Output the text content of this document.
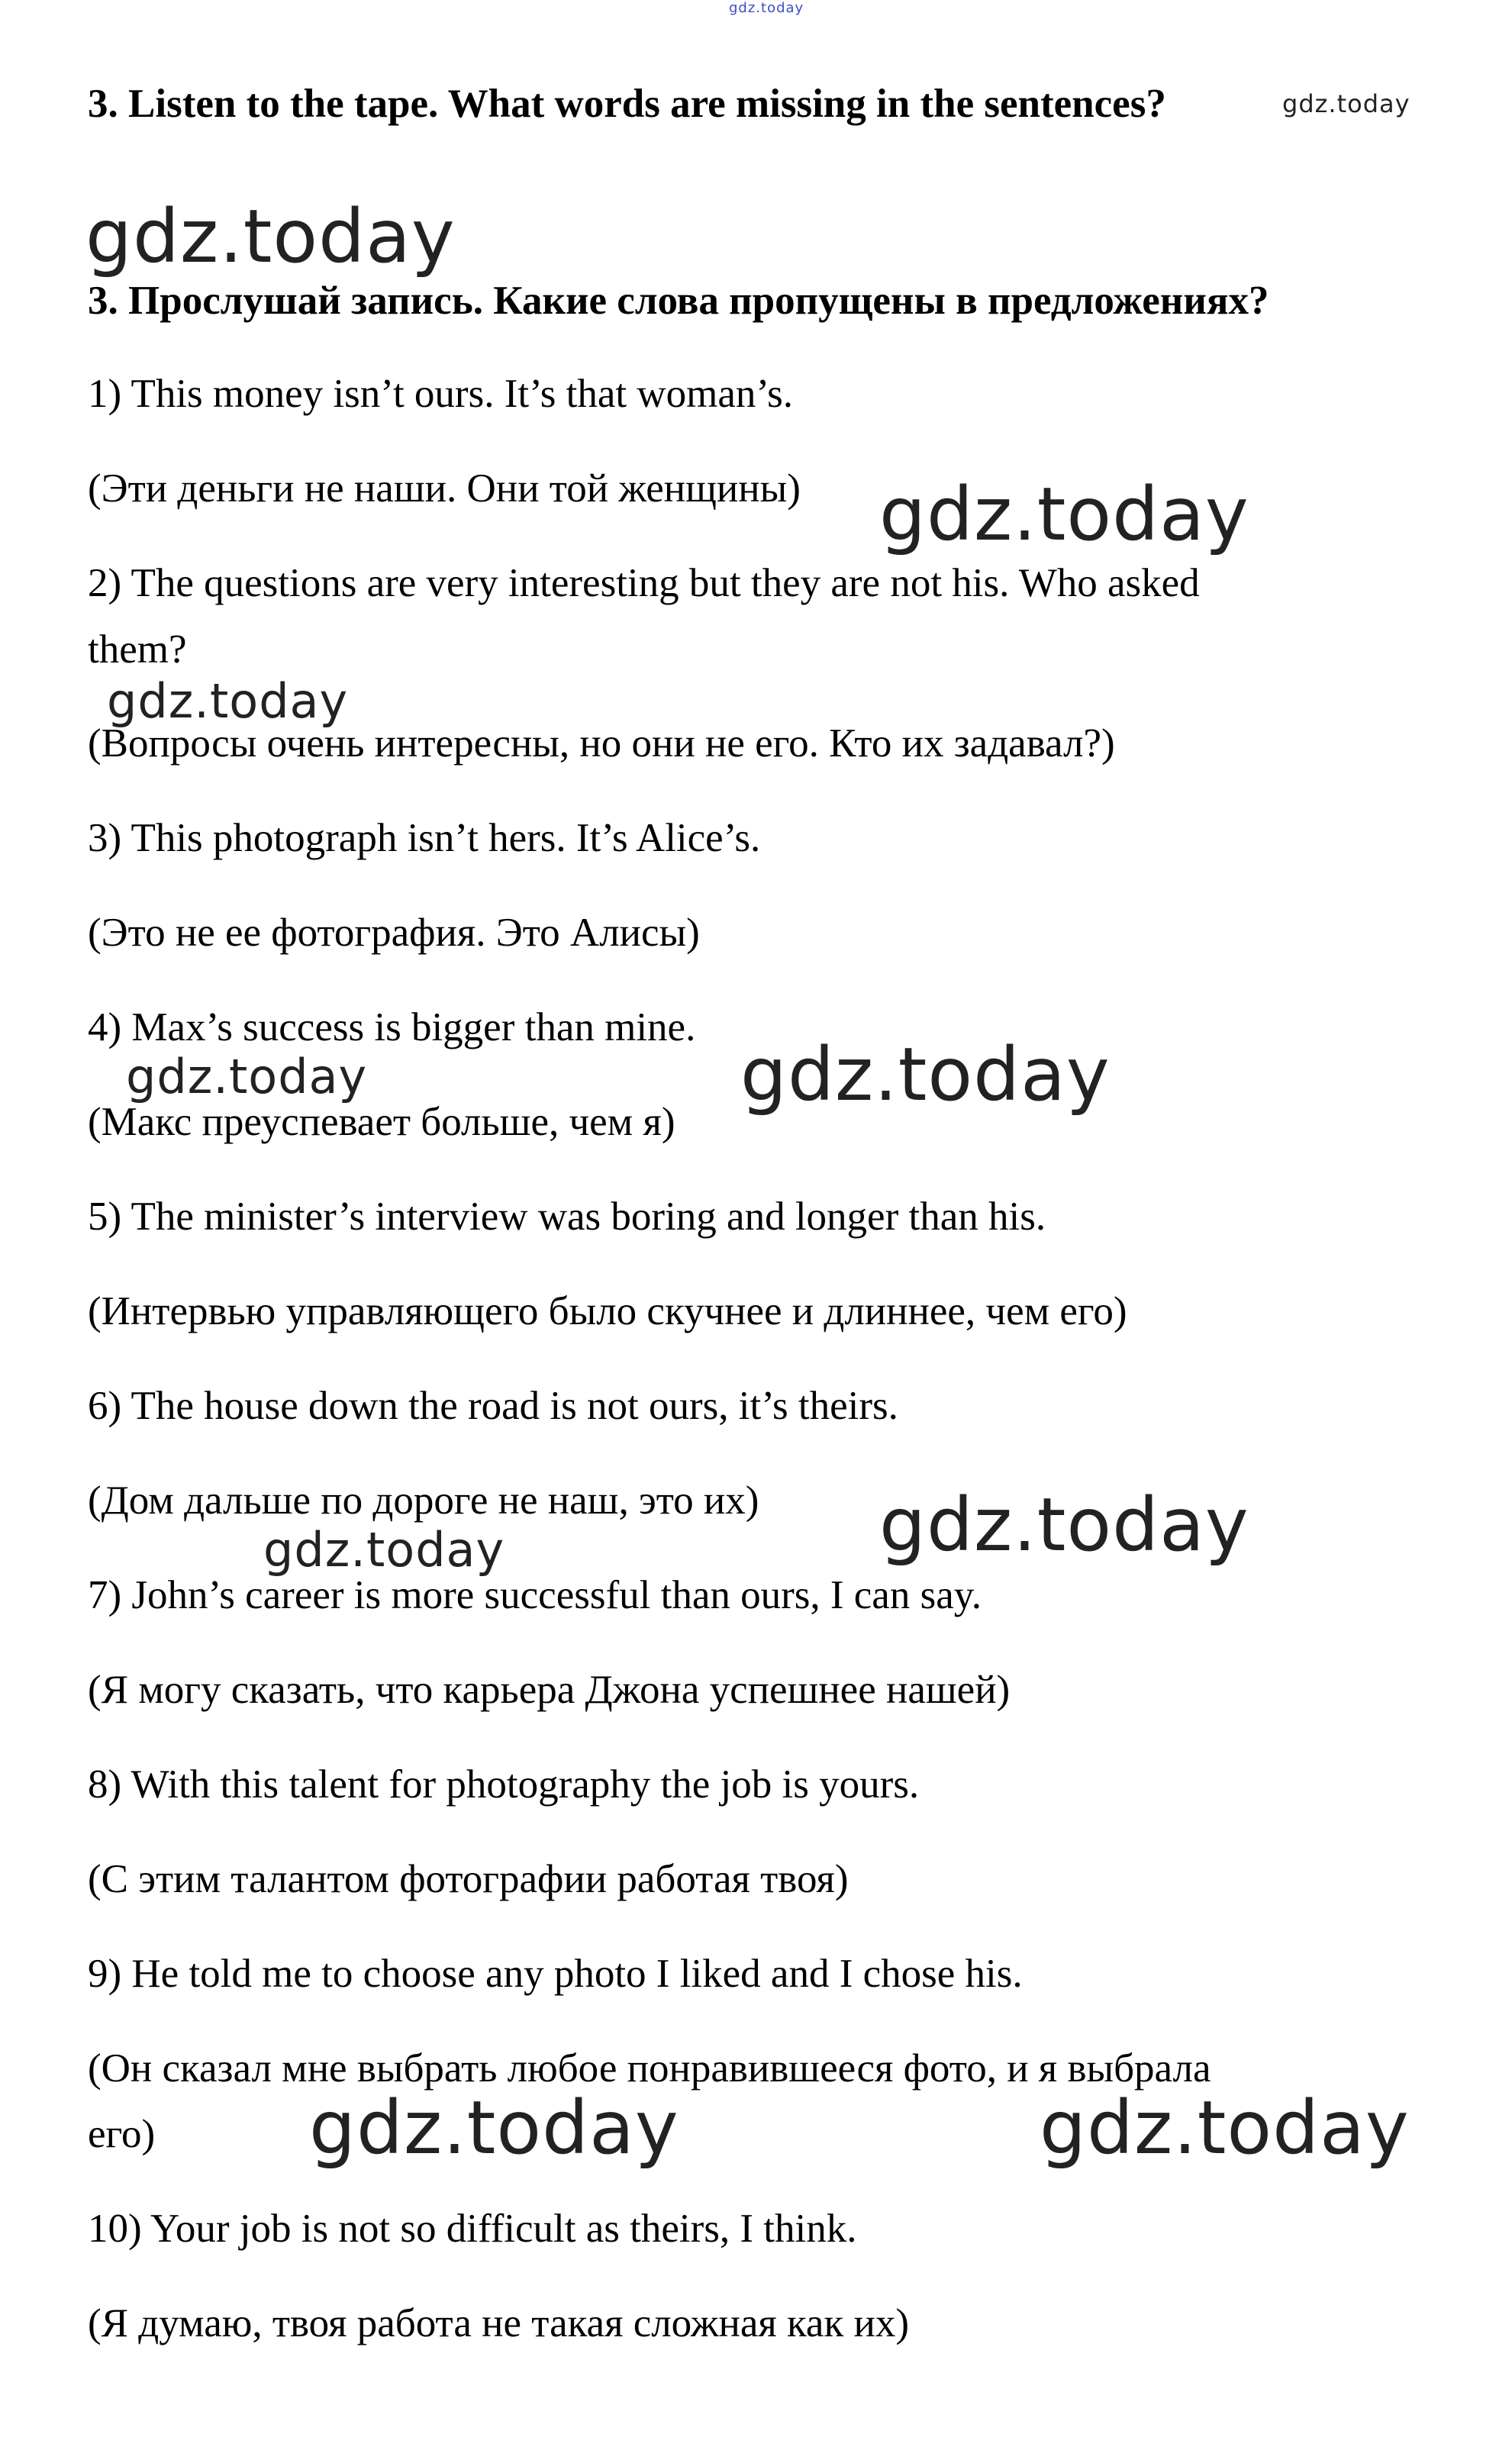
gdz.today
3. Listen to the tape. What words are missing in the sentences?	gdz.today
gdz.today
3. Прослушай запись. Какие слова пропущены в предложениях?
1) This money isn’t ours. It’s that woman’s.
(Эти деньги не наши. Они той женщины) gdz.today
2) The questions are very interesting but they are not his. Who asked
them?
gdz.today
(Вопросы очень интересны, но они не его. Кто их задавал?)
3) This photograph isn’t hers. It’s Alice’s.
(Это не ее фотография. Это Алисы)
4) Max’s success is bigger than mine.
gdz.today	gdz.today
(Макс преуспевает больше, чем я)
5) The minister’s interview was boring and longer than his.
(Интервью управляющего было скучнее и длиннее, чем его)
6) The house down the road is not ours, it’s theirs.
(Дом дальше по дороге не наш, это их) gdz.today
gdz.today
7) John’s career is more successful than ours, I can say.
(Я могу сказать, что карьера Джона успешнее нашей)
8) With this talent for photography the job is yours.
(С этим талантом фотографии работая твоя)
9) He told me to choose any photo I liked and I chose his.
(Он сказал мне выбрать любое понравившееся фото, и я выбрала
его) gdz.today	gdz.today
10) Your job is not so difficult as theirs, I think.
(Я думаю, твоя работа не такая сложная как их)
